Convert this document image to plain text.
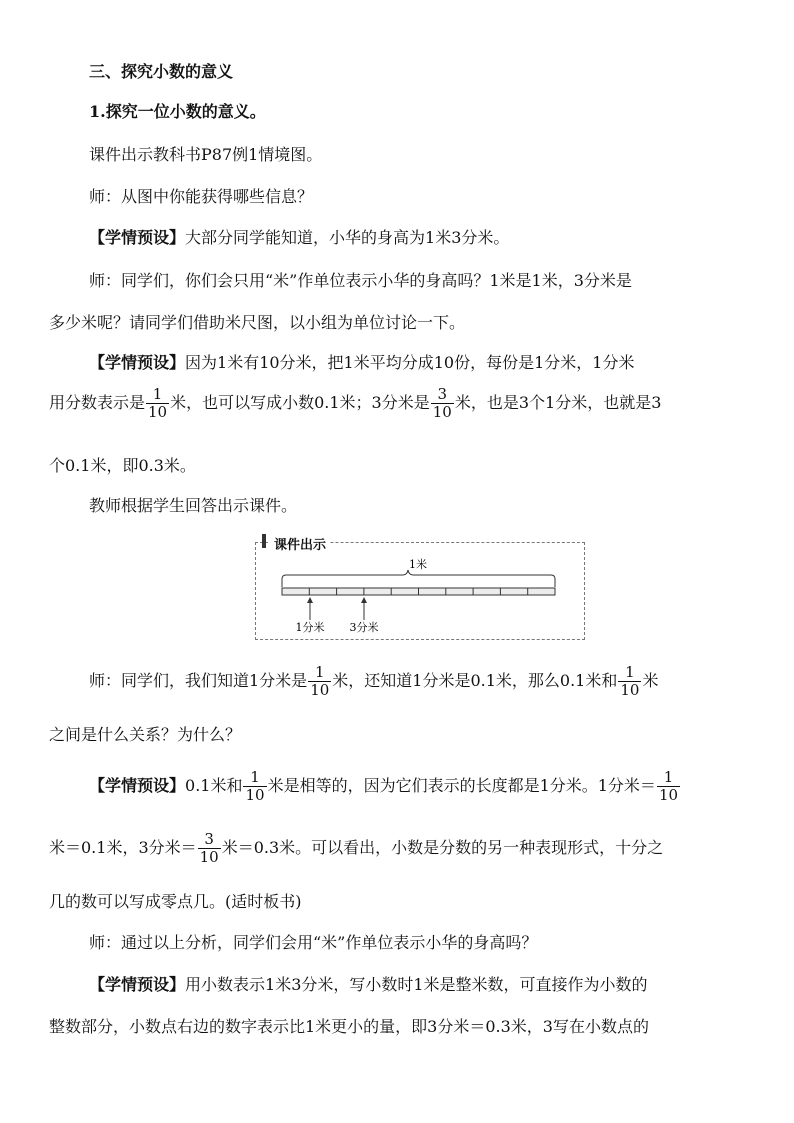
三、探究小数的意义

1.探究一位小数的意义。

课件出示教科书P87例1情境图。

师：从图中你能获得哪些信息？

【学情预设】大部分同学能知道，小华的身高为1米3分米。

师：同学们，你们会只用“米”作单位表示小华的身高吗？1米是1米，3分米是

多少米呢？请同学们借助米尺图，以小组为单位讨论一下。

【学情预设】因为1米有10分米，把1米平均分成10份，每份是1分米，1分米

用分数表示是 $\frac{1}{10}$ 米，也可以写成小数0.1米；3分米是 $\frac{3}{10}$ 米，也是3个1分米，也就是3

个0.1米，即0.3米。

教师根据学生回答出示课件。

课件出示
1米
1分米 3分米

师：同学们，我们知道1分米是 $\frac{1}{10}$ 米，还知道1分米是0.1米，那么0.1米和 $\frac{1}{10}$ 米

之间是什么关系？为什么？

【学情预设】0.1米和 $\frac{1}{10}$ 米是相等的，因为它们表示的长度都是1分米。1分米＝ $\frac{1}{10}$

米＝0.1米，3分米＝ $\frac{3}{10}$ 米＝0.3米。可以看出，小数是分数的另一种表现形式，十分之

几的数可以写成零点几。(适时板书)

师：通过以上分析，同学们会用“米”作单位表示小华的身高吗？

【学情预设】用小数表示1米3分米，写小数时1米是整米数，可直接作为小数的

整数部分，小数点右边的数字表示比1米更小的量，即3分米＝0.3米，3写在小数点的
